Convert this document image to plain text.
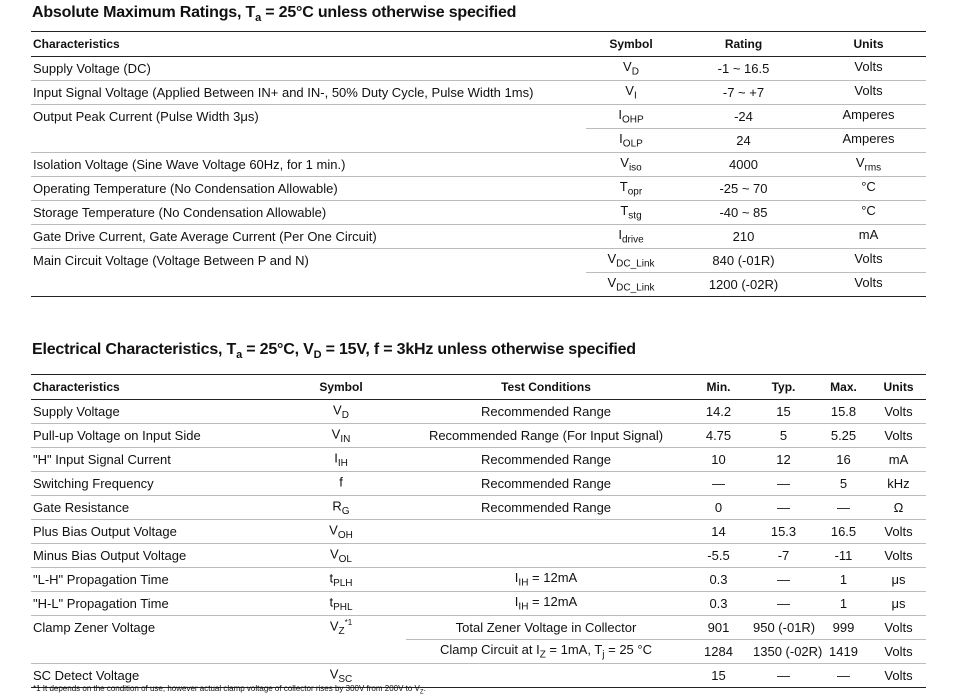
Absolute Maximum Ratings, $T_a = 25^\circ C$ unless otherwise specified
Characteristics	Symbol	Rating	Units
Supply Voltage (DC)	$V_D$	-1 ~ 16.5	Volts
Input Signal Voltage (Applied Between IN+ and IN-, 50% Duty Cycle, Pulse Width 1ms)	$V_I$	-7 ~ +7	Volts
Output Peak Current (Pulse Width 3μs)	$I_{OHP}$	-24	Amperes
	$I_{OLP}$	24	Amperes
Isolation Voltage (Sine Wave Voltage 60Hz, for 1 min.)	$V_{iso}$	4000	$V_{rms}$
Operating Temperature (No Condensation Allowable)	$T_{opr}$	-25 ~ 70	°C
Storage Temperature (No Condensation Allowable)	$T_{stg}$	-40 ~ 85	°C
Gate Drive Current, Gate Average Current (Per One Circuit)	$I_{drive}$	210	mA
Main Circuit Voltage (Voltage Between P and N)	$V_{DC\_Link}$	840 (-01R)	Volts
	$V_{DC\_Link}$	1200 (-02R)	Volts
Electrical Characteristics, $T_a = 25^\circ C$, $V_D = 15V$, f = 3kHz unless otherwise specified
Characteristics	Symbol	Test Conditions	Min.	Typ.	Max.	Units
Supply Voltage	$V_D$	Recommended Range	14.2	15	15.8	Volts
Pull-up Voltage on Input Side	$V_{IN}$	Recommended Range (For Input Signal)	4.75	5	5.25	Volts
"H" Input Signal Current	$I_{IH}$	Recommended Range	10	12	16	mA
Switching Frequency	f	Recommended Range	—	—	5	kHz
Gate Resistance	$R_G$	Recommended Range	0	—	—	Ω
Plus Bias Output Voltage	$V_{OH}$		14	15.3	16.5	Volts
Minus Bias Output Voltage	$V_{OL}$		-5.5	-7	-11	Volts
"L-H" Propagation Time	$t_{PLH}$	$I_{IH} = 12mA$	0.3	—	1	μs
"H-L" Propagation Time	$t_{PHL}$	$I_{IH} = 12mA$	0.3	—	1	μs
Clamp Zener Voltage	$V_Z^{*1}$	Total Zener Voltage in Collector	901	950 (-01R)	999	Volts
		Clamp Circuit at $I_Z = 1mA$, $T_j = 25$ °C	1284	1350 (-02R)	1419	Volts
SC Detect Voltage	$V_{SC}$		15	—	—	Volts
*1 It depends on the condition of use, however actual clamp voltage of collector rises by 300V from 200V to $V_Z$.
